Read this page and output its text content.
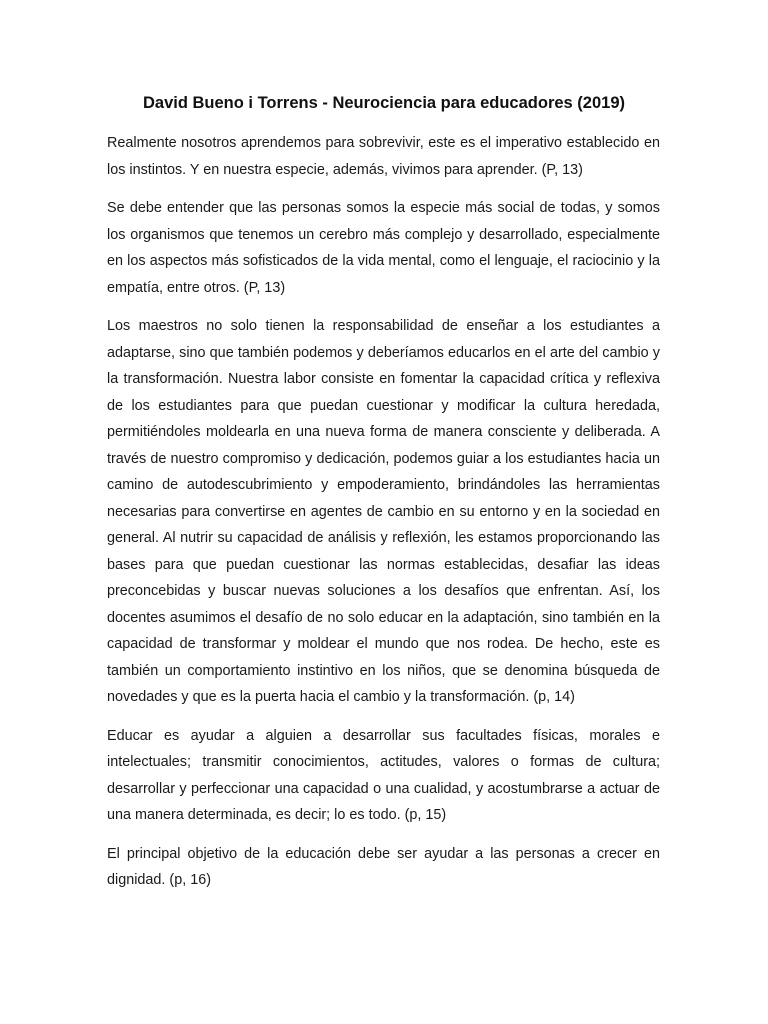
David Bueno i Torrens - Neurociencia para educadores (2019)

Realmente nosotros aprendemos para sobrevivir, este es el imperativo establecido en los instintos. Y en nuestra especie, además, vivimos para aprender. (P, 13)

Se debe entender que las personas somos la especie más social de todas, y somos los organismos que tenemos un cerebro más complejo y desarrollado, especialmente en los aspectos más sofisticados de la vida mental, como el lenguaje, el raciocinio y la empatía, entre otros. (P, 13)

Los maestros no solo tienen la responsabilidad de enseñar a los estudiantes a adaptarse, sino que también podemos y deberíamos educarlos en el arte del cambio y la transformación. Nuestra labor consiste en fomentar la capacidad crítica y reflexiva de los estudiantes para que puedan cuestionar y modificar la cultura heredada, permitiéndoles moldearla en una nueva forma de manera consciente y deliberada. A través de nuestro compromiso y dedicación, podemos guiar a los estudiantes hacia un camino de autodescubrimiento y empoderamiento, brindándoles las herramientas necesarias para convertirse en agentes de cambio en su entorno y en la sociedad en general. Al nutrir su capacidad de análisis y reflexión, les estamos proporcionando las bases para que puedan cuestionar las normas establecidas, desafiar las ideas preconcebidas y buscar nuevas soluciones a los desafíos que enfrentan. Así, los docentes asumimos el desafío de no solo educar en la adaptación, sino también en la capacidad de transformar y moldear el mundo que nos rodea. De hecho, este es también un comportamiento instintivo en los niños, que se denomina búsqueda de novedades y que es la puerta hacia el cambio y la transformación. (p, 14)

Educar es ayudar a alguien a desarrollar sus facultades físicas, morales e intelectuales; transmitir conocimientos, actitudes, valores o formas de cultura; desarrollar y perfeccionar una capacidad o una cualidad, y acostumbrarse a actuar de una manera determinada, es decir; lo es todo. (p, 15)

El principal objetivo de la educación debe ser ayudar a las personas a crecer en dignidad. (p, 16)
